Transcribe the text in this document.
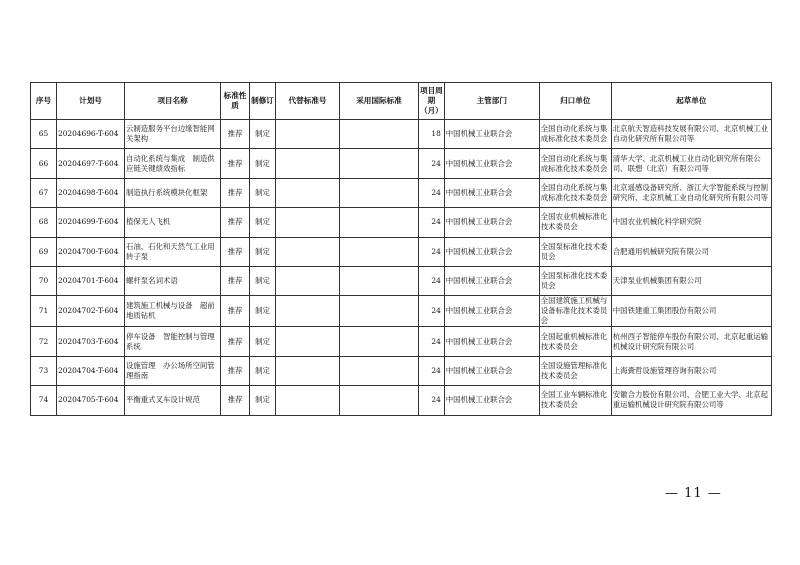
序号	计划号	项目名称	标准性质	制修订	代替标准号	采用国际标准	项目周期（月）	主管部门	归口单位	起草单位
65	20204696-T-604	云制造服务平台边缘智能网关架构	推荐	制定			18	中国机械工业联合会	全国自动化系统与集成标准化技术委员会	北京航天智造科技发展有限公司、北京机械工业自动化研究所有限公司等
66	20204697-T-604	自动化系统与集成　制造供应链关键绩效指标	推荐	制定			24	中国机械工业联合会	全国自动化系统与集成标准化技术委员会	清华大学、北京机械工业自动化研究所有限公司、联想（北京）有限公司等
67	20204698-T-604	制造执行系统模块化框架	推荐	制定			24	中国机械工业联合会	全国自动化系统与集成标准化技术委员会	北京遥感设备研究所、浙江大学智能系统与控制研究所、北京机械工业自动化研究所有限公司等
68	20204699-T-604	植保无人飞机	推荐	制定			24	中国机械工业联合会	全国农业机械标准化技术委员会	中国农业机械化科学研究院
69	20204700-T-604	石油、石化和天然气工业用转子泵	推荐	制定			24	中国机械工业联合会	全国泵标准化技术委员会	合肥通用机械研究院有限公司
70	20204701-T-604	螺杆泵名词术语	推荐	制定			24	中国机械工业联合会	全国泵标准化技术委员会	天津泵业机械集团有限公司
71	20204702-T-604	建筑施工机械与设备　超前地质钻机	推荐	制定			24	中国机械工业联合会	全国建筑施工机械与设备标准化技术委员会	中国铁建重工集团股份有限公司
72	20204703-T-604	停车设备　智能控制与管理系统	推荐	制定			24	中国机械工业联合会	全国起重机械标准化技术委员会	杭州西子智能停车股份有限公司、北京起重运输机械设计研究院有限公司
73	20204704-T-604	设施管理　办公场所空间管理指南	推荐	制定			24	中国机械工业联合会	全国设施管理标准化技术委员会	上海賫哲设施管理咨询有限公司
74	20204705-T-604	平衡重式叉车设计规范	推荐	制定			24	中国机械工业联合会	全国工业车辆标准化技术委员会	安徽合力股份有限公司、合肥工业大学、北京起重运输机械设计研究院有限公司等
— 11 —
